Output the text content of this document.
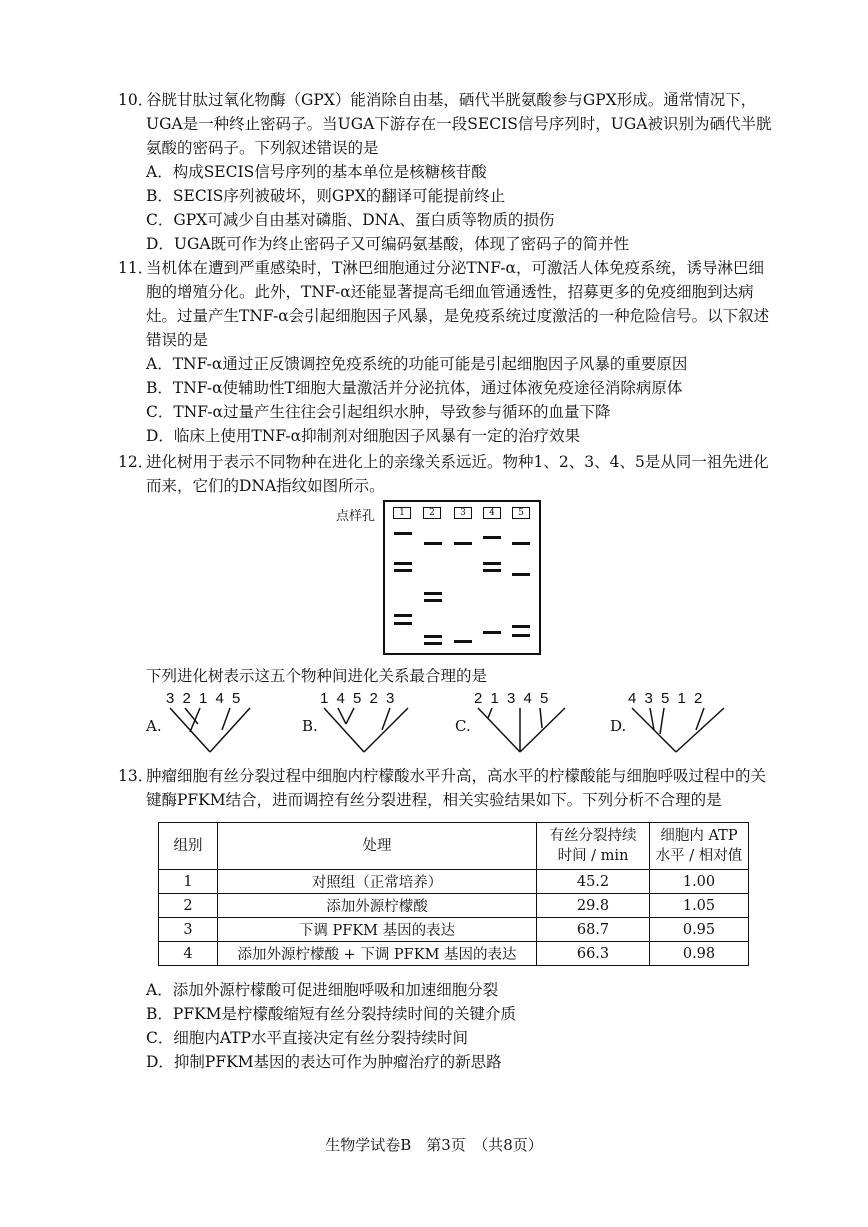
10．
谷胱甘肽过氧化物酶（GPX）能消除自由基，硒代半胱氨酸参与GPX形成。通常情况下，UGA是一种终止密码子。当UGA下游存在一段SECIS信号序列时，UGA被识别为硒代半胱氨酸的密码子。下列叙述错误的是
A．构成SECIS信号序列的基本单位是核糖核苷酸
B．SECIS序列被破坏，则GPX的翻译可能提前终止
C．GPX可减少自由基对磷脂、DNA、蛋白质等物质的损伤
D．UGA既可作为终止密码子又可编码氨基酸，体现了密码子的简并性
11．
当机体在遭到严重感染时，T淋巴细胞通过分泌TNF-α，可激活人体免疫系统，诱导淋巴细胞的增殖分化。此外，TNF-α还能显著提高毛细血管通透性，招募更多的免疫细胞到达病灶。过量产生TNF-α会引起细胞因子风暴，是免疫系统过度激活的一种危险信号。以下叙述错误的是
A．TNF-α通过正反馈调控免疫系统的功能可能是引起细胞因子风暴的重要原因
B．TNF-α使辅助性T细胞大量激活并分泌抗体，通过体液免疫途径消除病原体
C．TNF-α过量产生往往会引起组织水肿，导致参与循环的血量下降
D．临床上使用TNF-α抑制剂对细胞因子风暴有一定的治疗效果
12．
进化树用于表示不同物种在进化上的亲缘关系远近。物种1、2、3、4、5是从同一祖先进化而来，它们的DNA指纹如图所示。
点样孔	1	2	3	4	5
下列进化树表示这五个物种间进化关系最合理的是
A.
3 2 1 4 5
B.
1 4 5 2 3
C.
2 1 3 4 5
D.
4 3 5 1 2
13．
肿瘤细胞有丝分裂过程中细胞内柠檬酸水平升高，高水平的柠檬酸能与细胞呼吸过程中的关键酶PFKM结合，进而调控有丝分裂进程，相关实验结果如下。下列分析不合理的是
组别	处理	有丝分裂持续
时间 / min	细胞内 ATP
水平 / 相对值
1	对照组（正常培养）	45.2	1.00
2	添加外源柠檬酸	29.8	1.05
3	下调 PFKM 基因的表达	68.7	0.95
4	添加外源柠檬酸 + 下调 PFKM 基因的表达	66.3	0.98
A．添加外源柠檬酸可促进细胞呼吸和加速细胞分裂
B．PFKM是柠檬酸缩短有丝分裂持续时间的关键介质
C．细胞内ATP水平直接决定有丝分裂持续时间
D．抑制PFKM基因的表达可作为肿瘤治疗的新思路
生物学试卷B　第3页　（共8页）
